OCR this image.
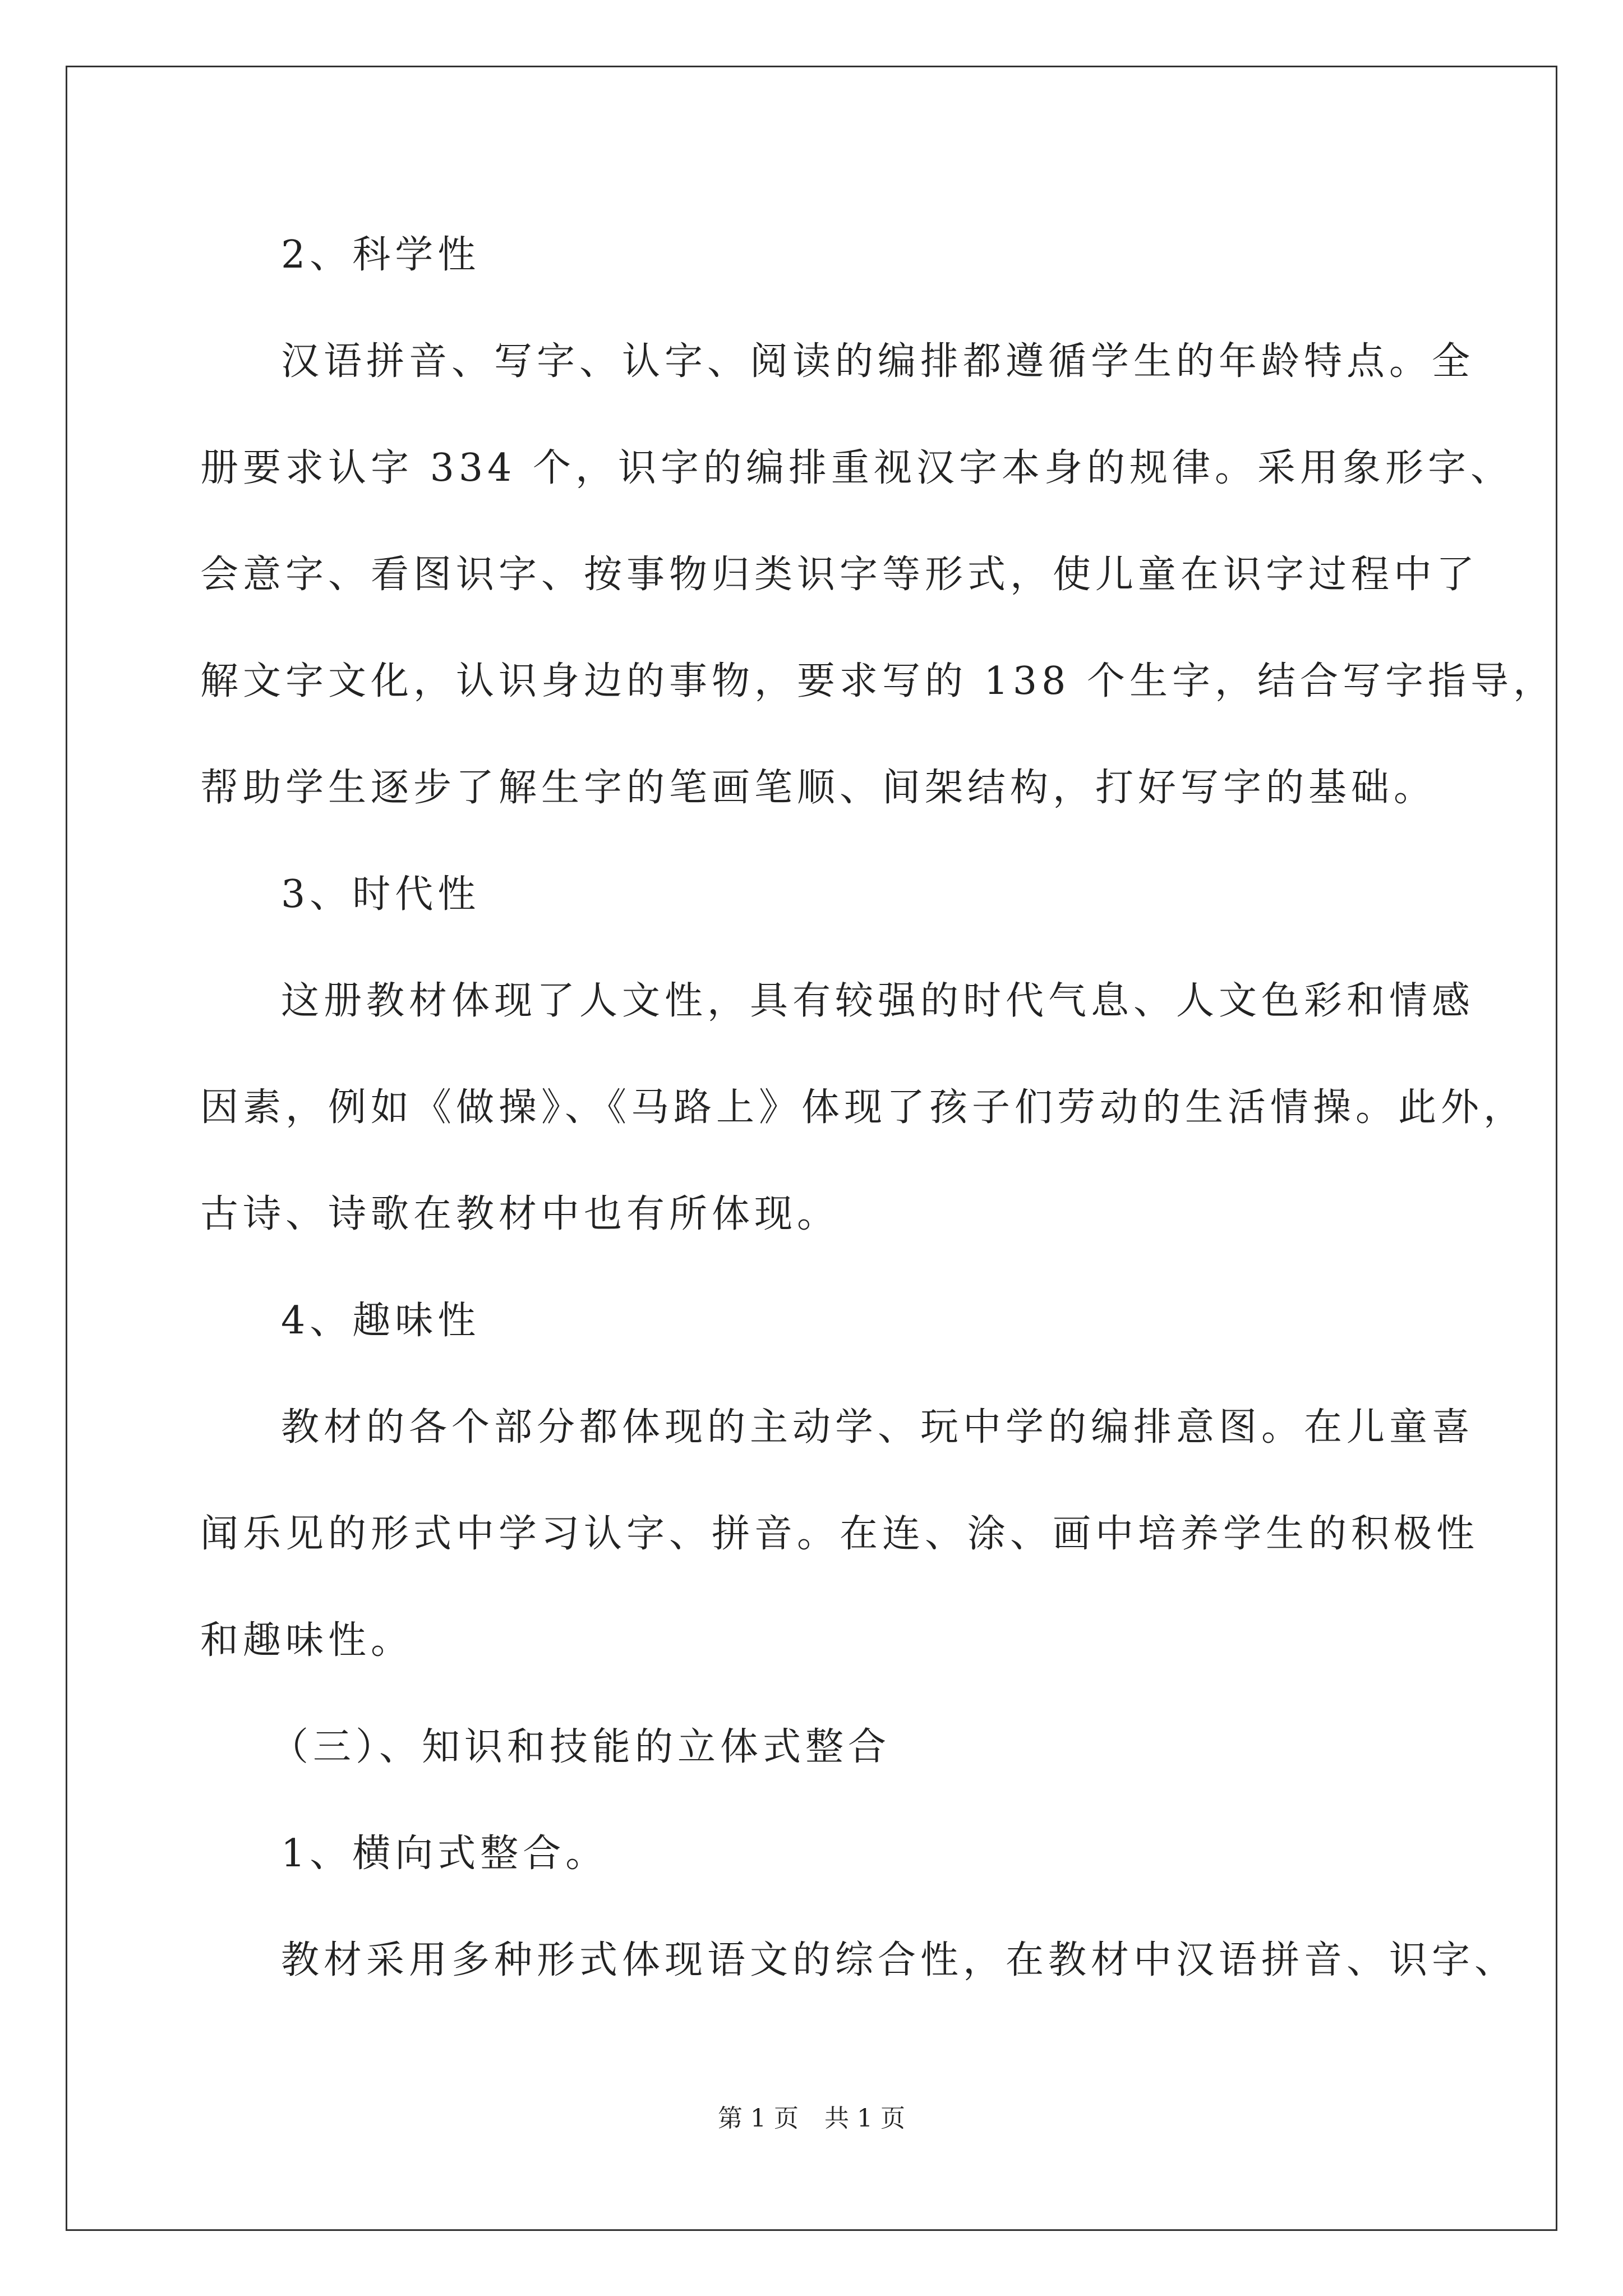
2、科学性
汉语拼音、写字、认字、阅读的编排都遵循学生的年龄特点。全
册要求认字 334 个，识字的编排重视汉字本身的规律。采用象形字、
会意字、看图识字、按事物归类识字等形式，使儿童在识字过程中了
解文字文化，认识身边的事物，要求写的 138 个生字，结合写字指导，
帮助学生逐步了解生字的笔画笔顺、间架结构，打好写字的基础。
3、时代性
这册教材体现了人文性，具有较强的时代气息、人文色彩和情感
因素，例如《做操》、《马路上》体现了孩子们劳动的生活情操。此外，
古诗、诗歌在教材中也有所体现。
4、趣味性
教材的各个部分都体现的主动学、玩中学的编排意图。在儿童喜
闻乐见的形式中学习认字、拼音。在连、涂、画中培养学生的积极性
和趣味性。
（三）、知识和技能的立体式整合
1、横向式整合。
教材采用多种形式体现语文的综合性，在教材中汉语拼音、识字、
第 1 页 共 1 页
